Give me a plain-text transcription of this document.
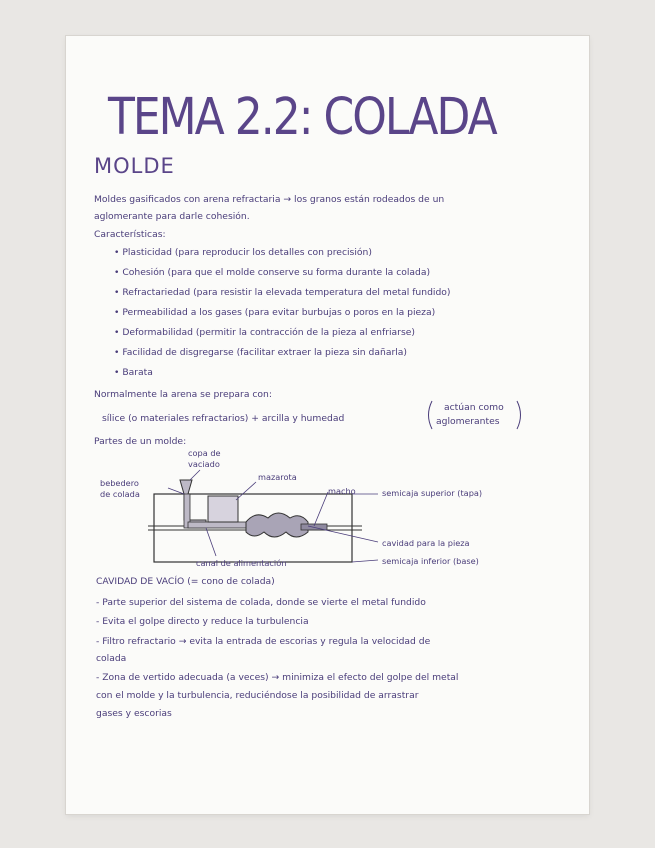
TEMA 2.2: COLADA
MOLDE
Moldes gasificados con arena refractaria → los granos están rodeados de un
aglomerante para darle cohesión.
Características:
• Plasticidad (para reproducir los detalles con precisión)
• Cohesión (para que el molde conserve su forma durante la colada)
• Refractariedad (para resistir la elevada temperatura del metal fundido)
• Permeabilidad a los gases (para evitar burbujas o poros en la pieza)
• Deformabilidad (permitir la contracción de la pieza al enfriarse)
• Facilidad de disgregarse (facilitar extraer la pieza sin dañarla)
• Barata
Normalmente la arena se prepara con:
sílice (o materiales refractarios) + arcilla y humedad
actúan como
aglomerantes
Partes de un molde:
copa de
vaciado
bebedero
de colada
mazarota
macho
canal de alimentación
semicaja superior (tapa)
cavidad para la pieza
semicaja inferior (base)
CAVIDAD DE VACÍO (= cono de colada)
- Parte superior del sistema de colada, donde se vierte el metal fundido
- Evita el golpe directo y reduce la turbulencia
- Filtro refractario → evita la entrada de escorias y regula la velocidad de
colada
- Zona de vertido adecuada (a veces) → minimiza el efecto del golpe del metal
con el molde y la turbulencia, reduciéndose la posibilidad de arrastrar
gases y escorias
